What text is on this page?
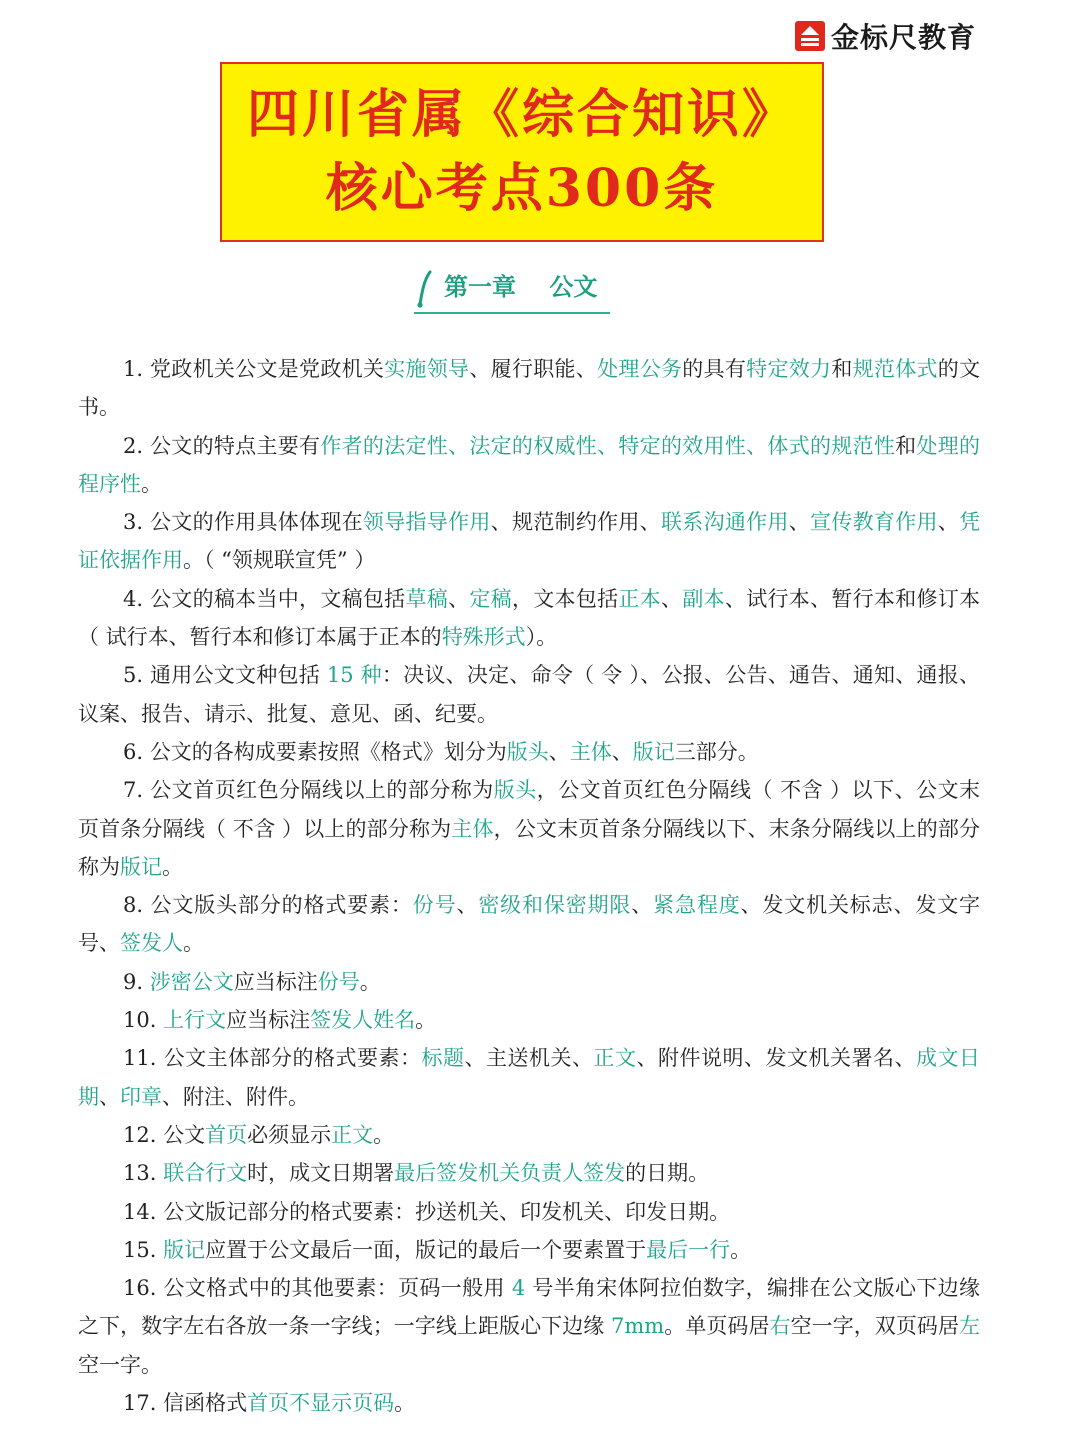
金标尺教育
四川省属《综合知识》
核心考点300条
第一章    公文

1. 党政机关公文是党政机关实施领导、履行职能、处理公务的具有特定效力和规范体式的文书。

2. 公文的特点主要有作者的法定性、法定的权威性、特定的效用性、体式的规范性和处理的程序性。

3. 公文的作用具体体现在领导指导作用、规范制约作用、联系沟通作用、宣传教育作用、凭证依据作用。（ “领规联宣凭” ）

4. 公文的稿本当中，文稿包括草稿、定稿，文本包括正本、副本、试行本、暂行本和修订本（ 试行本、暂行本和修订本属于正本的特殊形式）。

5. 通用公文文种包括 15 种：决议、决定、命令（ 令 ）、公报、公告、通告、通知、通报、议案、报告、请示、批复、意见、函、纪要。

6. 公文的各构成要素按照《格式》划分为版头、主体、版记三部分。

7. 公文首页红色分隔线以上的部分称为版头，公文首页红色分隔线（ 不含 ）以下、公文末页首条分隔线（ 不含 ）以上的部分称为主体，公文末页首条分隔线以下、末条分隔线以上的部分称为版记。

8. 公文版头部分的格式要素：份号、密级和保密期限、紧急程度、发文机关标志、发文字号、签发人。

9. 涉密公文应当标注份号。

10. 上行文应当标注签发人姓名。

11. 公文主体部分的格式要素：标题、主送机关、正文、附件说明、发文机关署名、成文日期、印章、附注、附件。

12. 公文首页必须显示正文。

13. 联合行文时，成文日期署最后签发机关负责人签发的日期。

14. 公文版记部分的格式要素：抄送机关、印发机关、印发日期。

15. 版记应置于公文最后一面，版记的最后一个要素置于最后一行。

16. 公文格式中的其他要素：页码一般用 4 号半角宋体阿拉伯数字，编排在公文版心下边缘之下，数字左右各放一条一字线；一字线上距版心下边缘 7mm。单页码居右空一字，双页码居左空一字。

17. 信函格式首页不显示页码。
